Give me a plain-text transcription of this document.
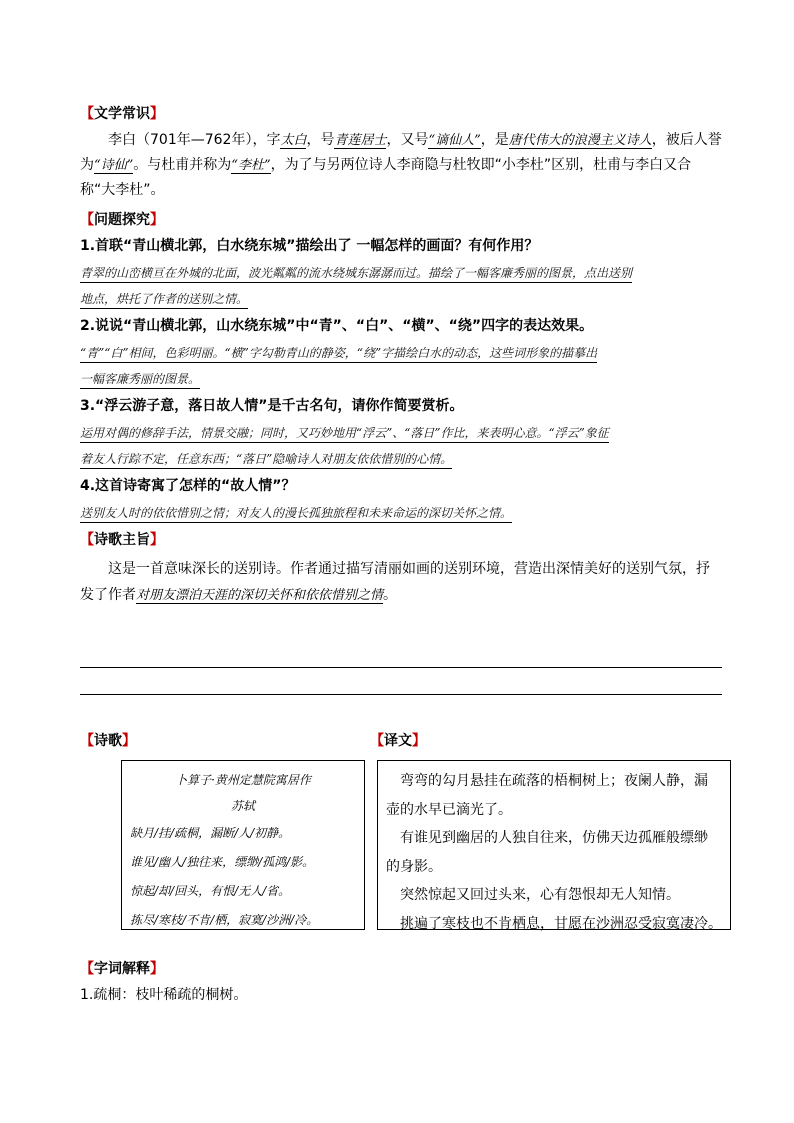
【文学常识】
李白（701年—762年），字太白，号青莲居士，又号“谪仙人”，是唐代伟大的浪漫主义诗人，被后人誉为“诗仙”。与杜甫并称为“李杜”，为了与另两位诗人李商隐与杜牧即“小李杜”区别，杜甫与李白又合称“大李杜”。
【问题探究】
1.首联“青山横北郭，白水绕东城”描绘出了 一幅怎样的画面？有何作用？
青翠的山峦横亘在外城的北面，波光粼粼的流水绕城东潺潺而过。描绘了一幅客廉秀丽的图景，点出送别
地点，烘托了作者的送别之情。
2.说说“青山横北郭，山水绕东城”中“青”、“白”、“横”、“绕”四字的表达效果。
“青”“白”相间，色彩明丽。“横”字勾勒青山的静姿，“绕”字描绘白水的动态，这些词形象的描摹出
一幅客廉秀丽的图景。
3.“浮云游子意，落日故人情”是千古名句，请你作简要赏析。
运用对偶的修辞手法，情景交融；同时，又巧妙地用“浮云”、“落日”作比，来表明心意。“浮云”象征
着友人行踪不定，任意东西；“落日”隐喻诗人对朋友依依惜别的心情。
4.这首诗寄寓了怎样的“故人情”？
送别友人时的依依惜别之情；对友人的漫长孤独旅程和未来命运的深切关怀之情。
【诗歌主旨】
这是一首意味深长的送别诗。作者通过描写清丽如画的送别环境，营造出深情美好的送别气氛，抒发了作者对朋友漂泊天涯的深切关怀和依依惜别之情。
【诗歌】	【译文】
卜算子·黄州定慧院寓居作
苏轼
缺月/挂/疏桐，漏断/人/初静。
谁见/幽人/独往来，缥缈/孤鸿/影。
惊起/却/回头，有恨/无人/省。
拣尽/寒枝/不肯/栖，寂寞/沙洲/冷。
弯弯的勾月悬挂在疏落的梧桐树上；夜阑人静，漏
壶的水早已滴光了。
有谁见到幽居的人独自往来，仿佛天边孤雁般缥缈
的身影。
突然惊起又回过头来，心有怨恨却无人知情。
挑遍了寒枝也不肯栖息，甘愿在沙洲忍受寂寞凄冷。
【字词解释】
1.疏桐：枝叶稀疏的桐树。
